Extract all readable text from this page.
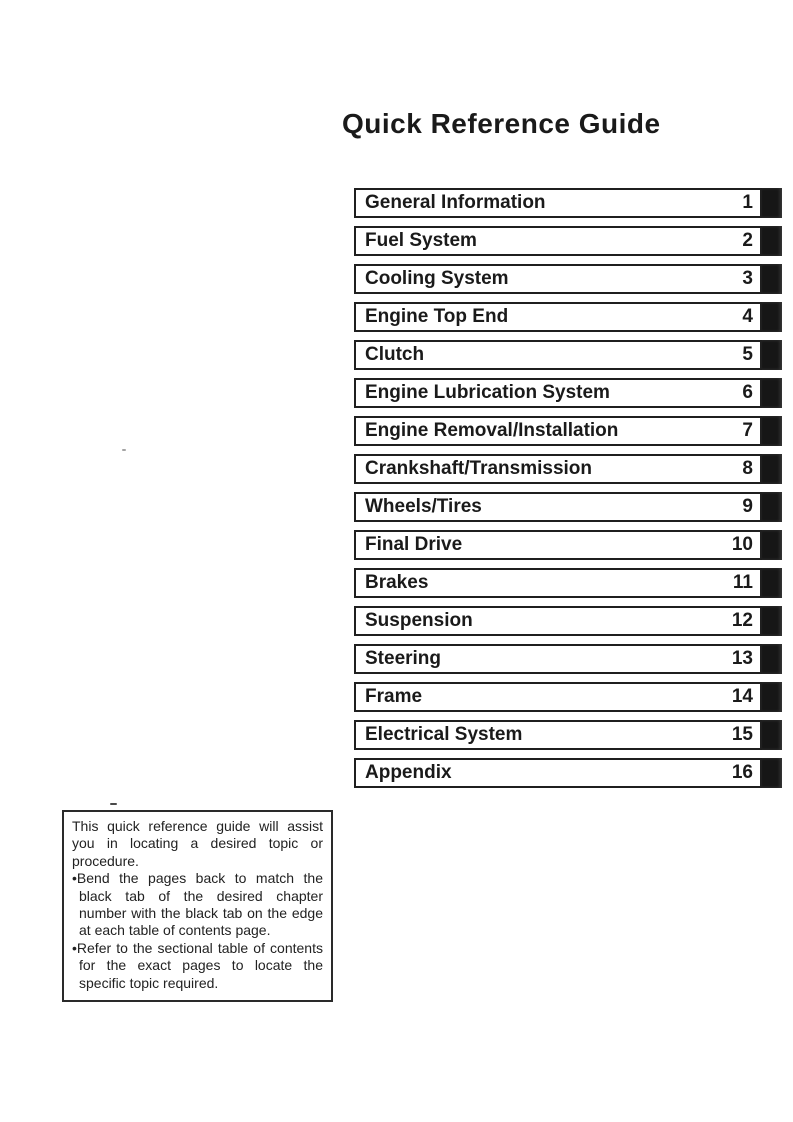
Quick Reference Guide
General Information	1
Fuel System	2
Cooling System	3
Engine Top End	4
Clutch	5
Engine Lubrication System	6
Engine Removal/Installation	7
Crankshaft/Transmission	8
Wheels/Tires	9
Final Drive	10
Brakes	11
Suspension	12
Steering	13
Frame	14
Electrical System	15
Appendix	16

This quick reference guide will assist you in locating a desired topic or procedure.

•Bend the pages back to match the black tab of the desired chapter number with the black tab on the edge at each table of contents page.

•Refer to the sectional table of contents for the exact pages to locate the specific topic required.
